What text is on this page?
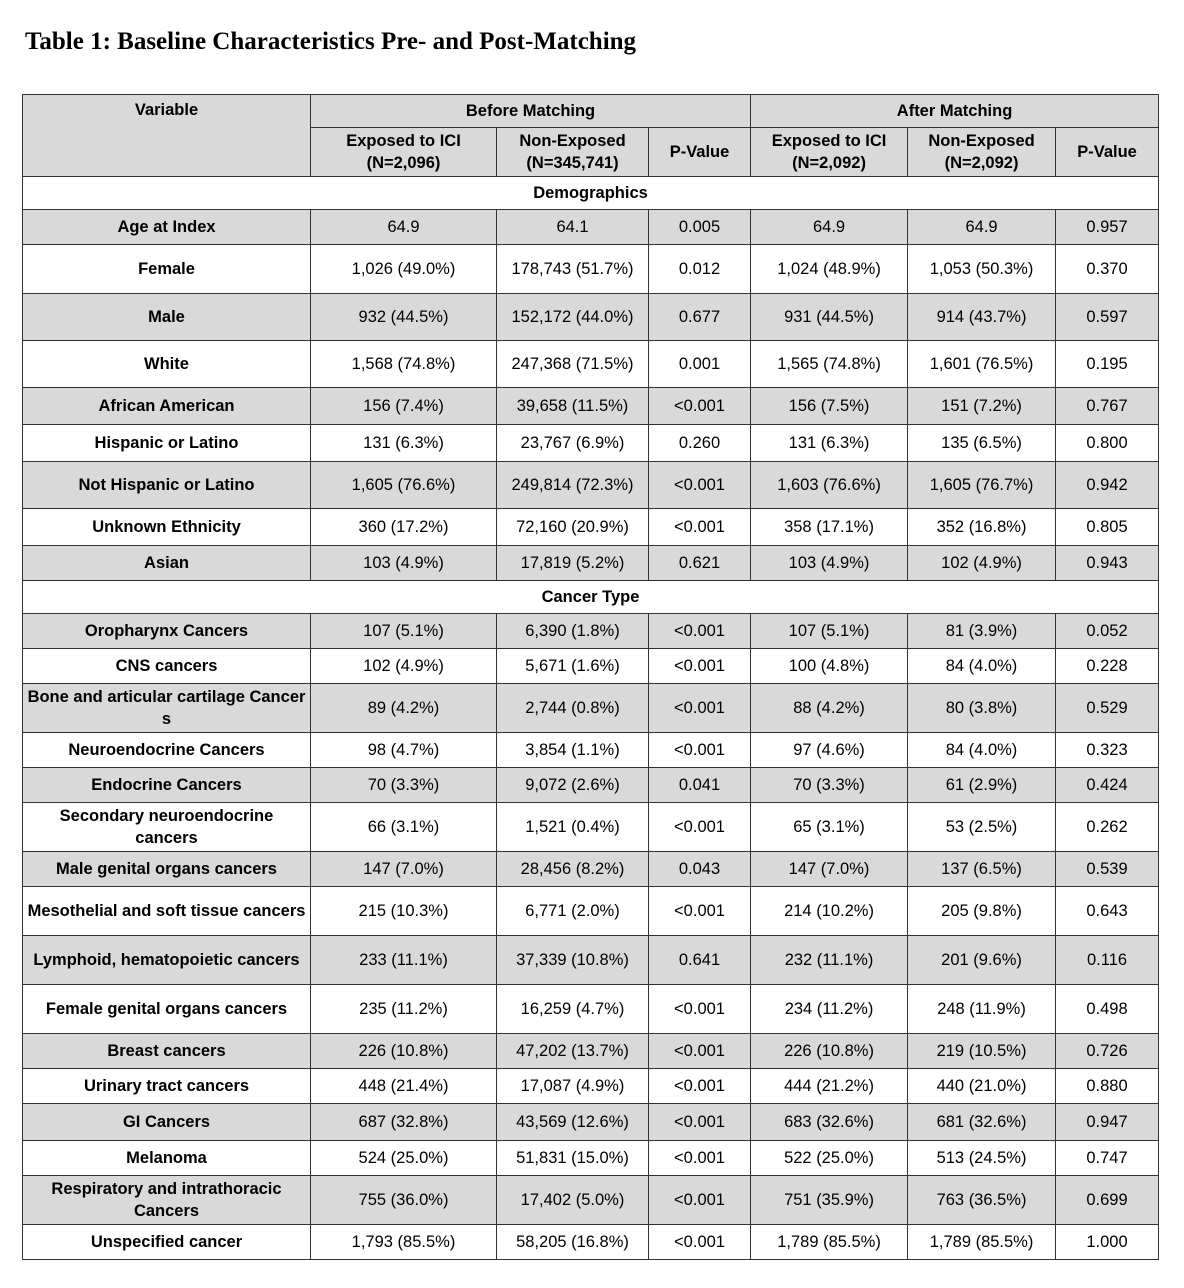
Table 1: Baseline Characteristics Pre- and Post-Matching
Variable	Before Matching			After Matching		
	Exposed to ICI (N=2,096)	Non-Exposed (N=345,741)	P-Value	Exposed to ICI (N=2,092)	Non-Exposed (N=2,092)	P-Value
Demographics						
Age at Index	64.9	64.1	0.005	64.9	64.9	0.957
Female	1,026 (49.0%)	178,743 (51.7%)	0.012	1,024 (48.9%)	1,053 (50.3%)	0.370
Male	932 (44.5%)	152,172 (44.0%)	0.677	931 (44.5%)	914 (43.7%)	0.597
White	1,568 (74.8%)	247,368 (71.5%)	0.001	1,565 (74.8%)	1,601 (76.5%)	0.195
African American	156 (7.4%)	39,658 (11.5%)	<0.001	156 (7.5%)	151 (7.2%)	0.767
Hispanic or Latino	131 (6.3%)	23,767 (6.9%)	0.260	131 (6.3%)	135 (6.5%)	0.800
Not Hispanic or Latino	1,605 (76.6%)	249,814 (72.3%)	<0.001	1,603 (76.6%)	1,605 (76.7%)	0.942
Unknown Ethnicity	360 (17.2%)	72,160 (20.9%)	<0.001	358 (17.1%)	352 (16.8%)	0.805
Asian	103 (4.9%)	17,819 (5.2%)	0.621	103 (4.9%)	102 (4.9%)	0.943
Cancer Type						
Oropharynx Cancers	107 (5.1%)	6,390 (1.8%)	<0.001	107 (5.1%)	81 (3.9%)	0.052
CNS cancers	102 (4.9%)	5,671 (1.6%)	<0.001	100 (4.8%)	84 (4.0%)	0.228
Bone and articular cartilage Cancer s	89 (4.2%)	2,744 (0.8%)	<0.001	88 (4.2%)	80 (3.8%)	0.529
Neuroendocrine Cancers	98 (4.7%)	3,854 (1.1%)	<0.001	97 (4.6%)	84 (4.0%)	0.323
Endocrine Cancers	70 (3.3%)	9,072 (2.6%)	0.041	70 (3.3%)	61 (2.9%)	0.424
Secondary neuroendocrine cancers	66 (3.1%)	1,521 (0.4%)	<0.001	65 (3.1%)	53 (2.5%)	0.262
Male genital organs cancers	147 (7.0%)	28,456 (8.2%)	0.043	147 (7.0%)	137 (6.5%)	0.539
Mesothelial and soft tissue cancers	215 (10.3%)	6,771 (2.0%)	<0.001	214 (10.2%)	205 (9.8%)	0.643
Lymphoid, hematopoietic cancers	233 (11.1%)	37,339 (10.8%)	0.641	232 (11.1%)	201 (9.6%)	0.116
Female genital organs cancers	235 (11.2%)	16,259 (4.7%)	<0.001	234 (11.2%)	248 (11.9%)	0.498
Breast cancers	226 (10.8%)	47,202 (13.7%)	<0.001	226 (10.8%)	219 (10.5%)	0.726
Urinary tract cancers	448 (21.4%)	17,087 (4.9%)	<0.001	444 (21.2%)	440 (21.0%)	0.880
GI Cancers	687 (32.8%)	43,569 (12.6%)	<0.001	683 (32.6%)	681 (32.6%)	0.947
Melanoma	524 (25.0%)	51,831 (15.0%)	<0.001	522 (25.0%)	513 (24.5%)	0.747
Respiratory and intrathoracic Cancers	755 (36.0%)	17,402 (5.0%)	<0.001	751 (35.9%)	763 (36.5%)	0.699
Unspecified cancer	1,793 (85.5%)	58,205 (16.8%)	<0.001	1,789 (85.5%)	1,789 (85.5%)	1.000
